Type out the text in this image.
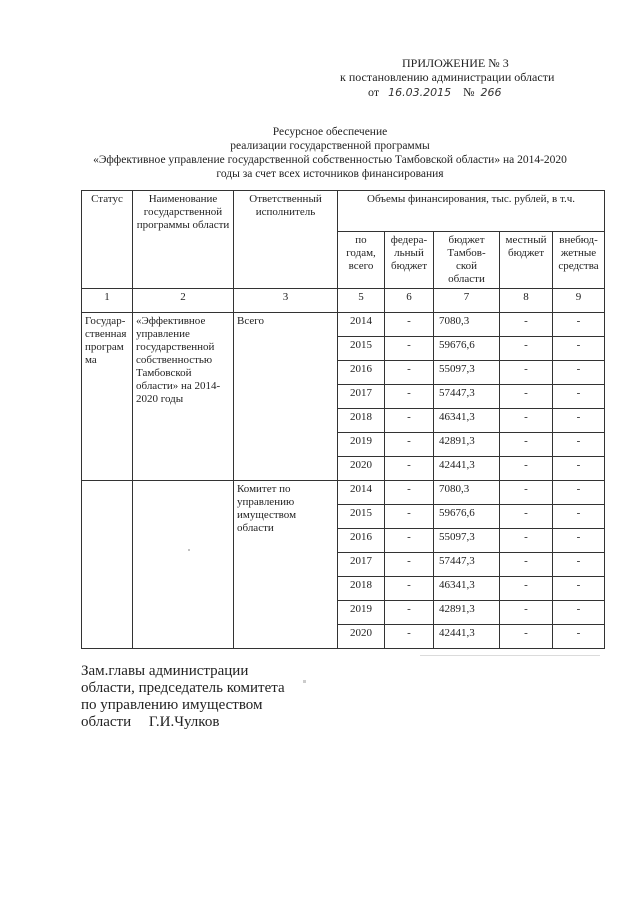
ПРИЛОЖЕНИЕ № 3
к постановлению администрации области
от 16.03.2015 № 266
Ресурсное обеспечение
реализации государственной программы
«Эффективное управление государственной собственностью Тамбовской области» на 2014-2020
годы за счет всех источников финансирования
Статус	Наименование государственной программы области	Ответственный исполнитель	Объемы финансирования, тыс. рублей, в т.ч.				
			по годам, всего	федера-льный бюджет	бюджет Тамбов-ской области	местный бюджет	внебюд-жетные средства
1	2	3	5	6	7	8	9
Государ-ственная програм ма	«Эффективное управление государственной собственностью Тамбовской области» на 2014-2020 годы	Всего	2014	-	7080,3	-	-
			2015	-	59676,6	-	-
			2016	-	55097,3	-	-
			2017	-	57447,3	-	-
			2018	-	46341,3	-	-
			2019	-	42891,3	-	-
			2020	-	42441,3	-	-
		Комитет по управлению имуществом области	2014	-	7080,3	-	-
			2015	-	59676,6	-	-
			2016	-	55097,3	-	-
			2017	-	57447,3	-	-
			2018	-	46341,3	-	-
			2019	-	42891,3	-	-
			2020	-	42441,3	-	-
Зам.главы администрации
области, председатель комитета
по управлению имуществом
области Г.И.Чулков
